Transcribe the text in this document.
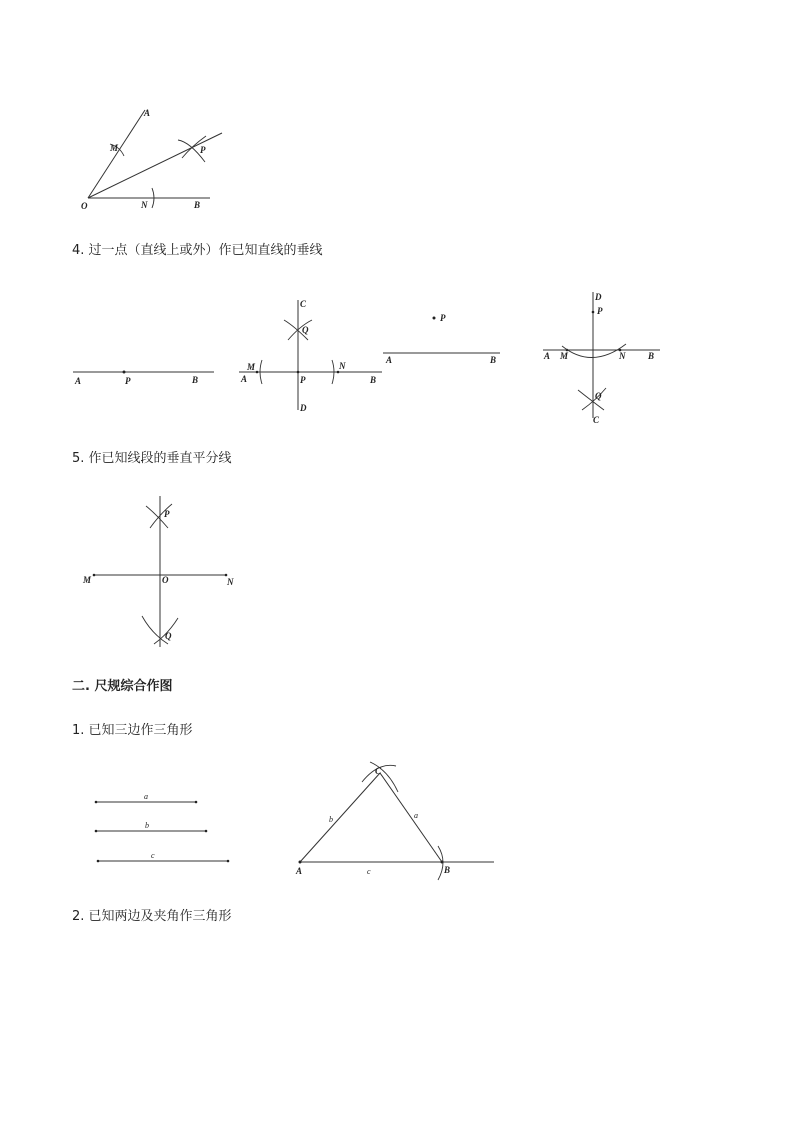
A
M	P
O	N	B
4. 过一点（直线上或外）作已知直线的垂线
A	P	B
C
Q
M	N
A	P	B
D
P
A	B
D
P
A M	N	B
Q
C
5. 作已知线段的垂直平分线
P
M	O	N
Q
二. 尺规综合作图
1. 已知三边作三角形
a
b
c
C
b	a
A	c	B
2. 已知两边及夹角作三角形
